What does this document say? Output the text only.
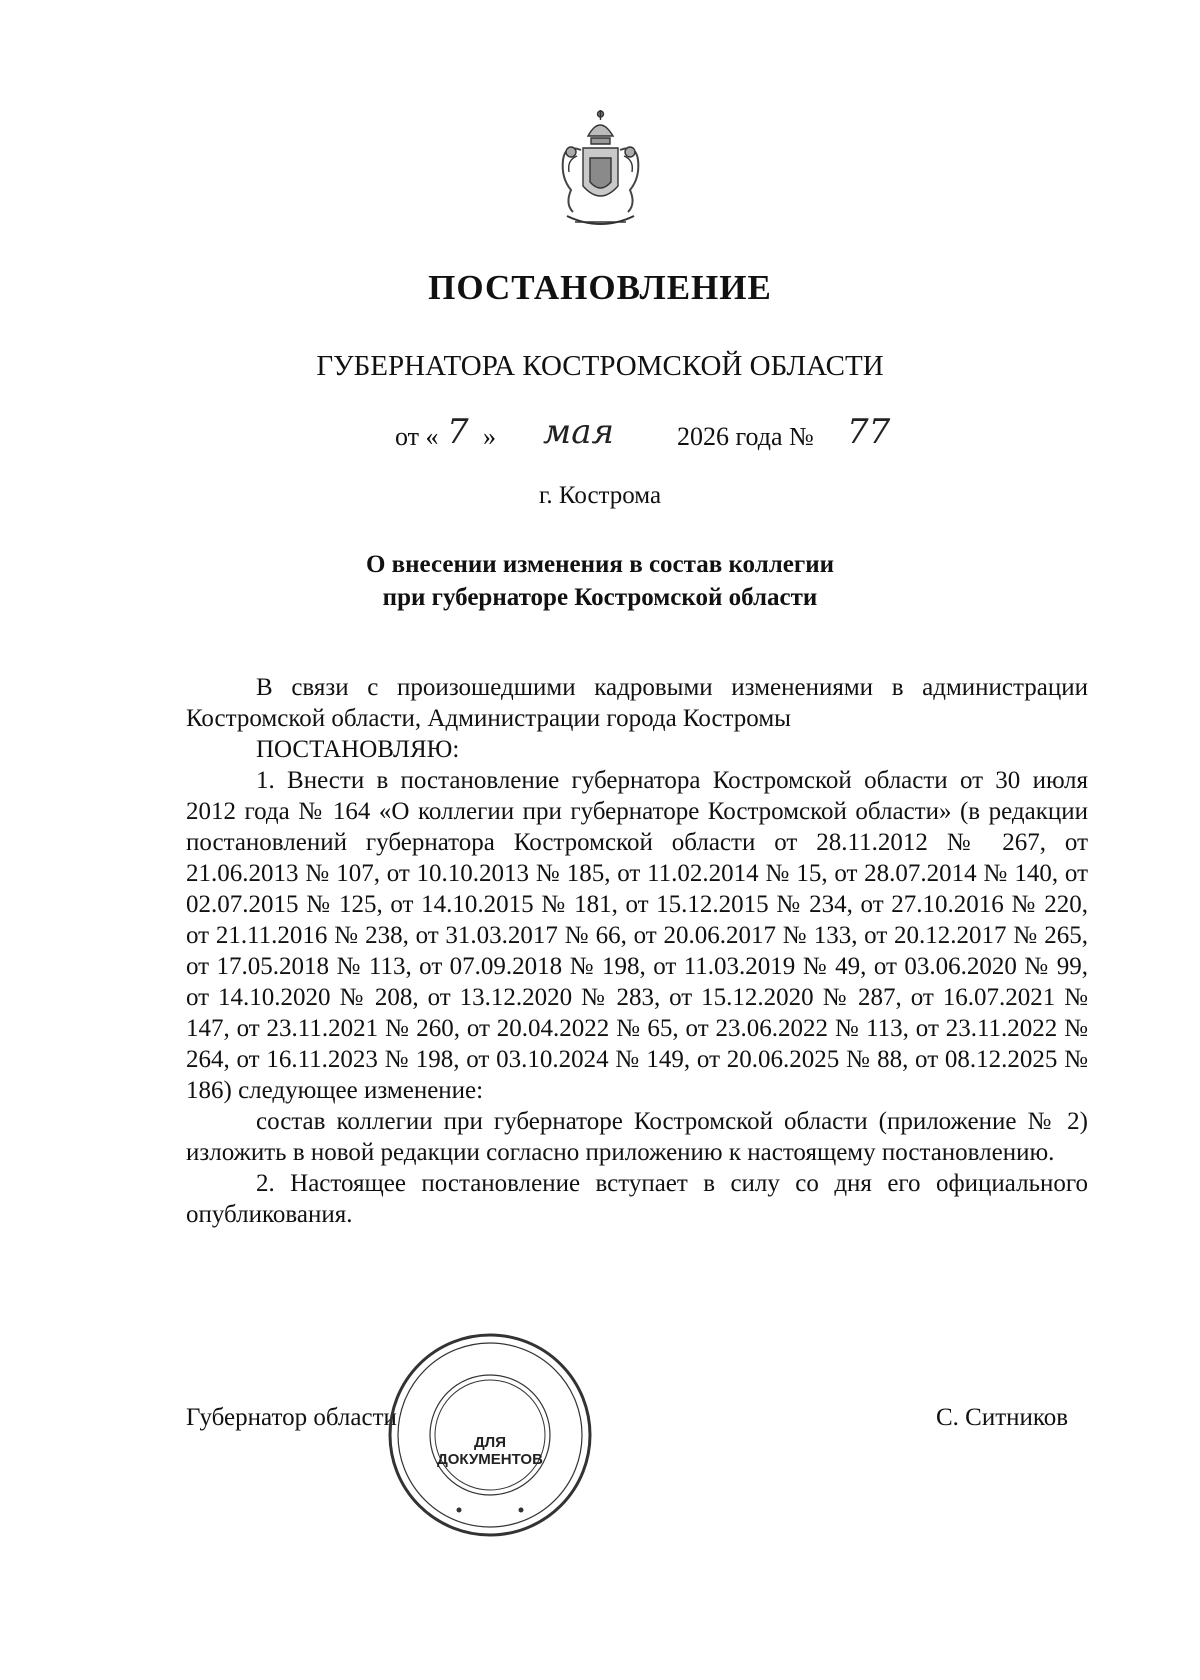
ПОСТАНОВЛЕНИЕ
ГУБЕРНАТОРА КОСТРОМСКОЙ ОБЛАСТИ
от « 7 » мая 2026 года № 77
г. Кострома
О внесении изменения в состав коллегии
при губернаторе Костромской области

В связи с произошедшими кадровыми изменениями в администрации Костромской области, Администрации города Костромы

ПОСТАНОВЛЯЮ:

1. Внести в постановление губернатора Костромской области от 30 июля 2012 года № 164 «О коллегии при губернаторе Костромской области» (в редакции постановлений губернатора Костромской области от 28.11.2012 № 267, от 21.06.2013 № 107, от 10.10.2013 № 185, от 11.02.2014 № 15, от 28.07.2014 № 140, от 02.07.2015 № 125, от 14.10.2015 № 181, от 15.12.2015 № 234, от 27.10.2016 № 220, от 21.11.2016 № 238, от 31.03.2017 № 66, от 20.06.2017 № 133, от 20.12.2017 № 265, от 17.05.2018 № 113, от 07.09.2018 № 198, от 11.03.2019 № 49, от 03.06.2020 № 99, от 14.10.2020 № 208, от 13.12.2020 № 283, от 15.12.2020 № 287, от 16.07.2021 № 147, от 23.11.2021 № 260, от 20.04.2022 № 65, от 23.06.2022 № 113, от 23.11.2022 № 264, от 16.11.2023 № 198, от 03.10.2024 № 149, от 20.06.2025 № 88, от 08.12.2025 № 186) следующее изменение:

состав коллегии при губернаторе Костромской области (приложение № 2) изложить в новой редакции согласно приложению к настоящему постановлению.

2. Настоящее постановление вступает в силу со дня его официального опубликования.

Губернатор области	С. Ситников
ДЛЯ
ДОКУМЕНТОВ
